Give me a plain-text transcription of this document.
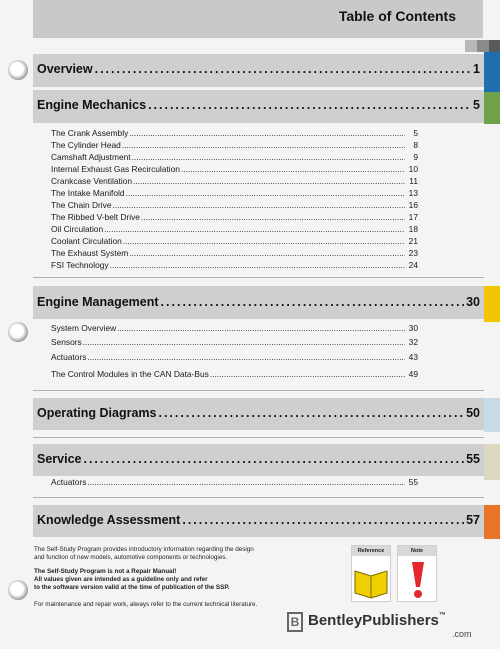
Table of Contents
Overview .....	1
Engine Mechanics .....	5
The Crank Assembly .....	5
The Cylinder Head .....	8
Camshaft Adjustment .....	9
Internal Exhaust Gas Recirculation .....	10
Crankcase Ventilation .....	11
The Intake Manifold .....	13
The Chain Drive .....	16
The Ribbed V-belt Drive .....	17
Oil Circulation .....	18
Coolant Circulation .....	21
The Exhaust System .....	23
FSI Technology .....	24
Engine Management .....	30
System Overview .....	30
Sensors .....	32
Actuators .....	43
The Control Modules in the CAN Data-Bus .....	49
Operating Diagrams .....	50
Service .....	55
Actuators .....	55
Knowledge Assessment .....	57
The Self-Study Program provides introductory information regarding the design
and function of new models, automotive components or technologies.
The Self-Study Program is not a Repair Manual!
All values given are intended as a guideline only and refer
to the software version valid at the time of publication of the SSP.
For maintenance and repair work, always refer to the current technical literature.
Reference	Note
B BentleyPublishers™
.com
